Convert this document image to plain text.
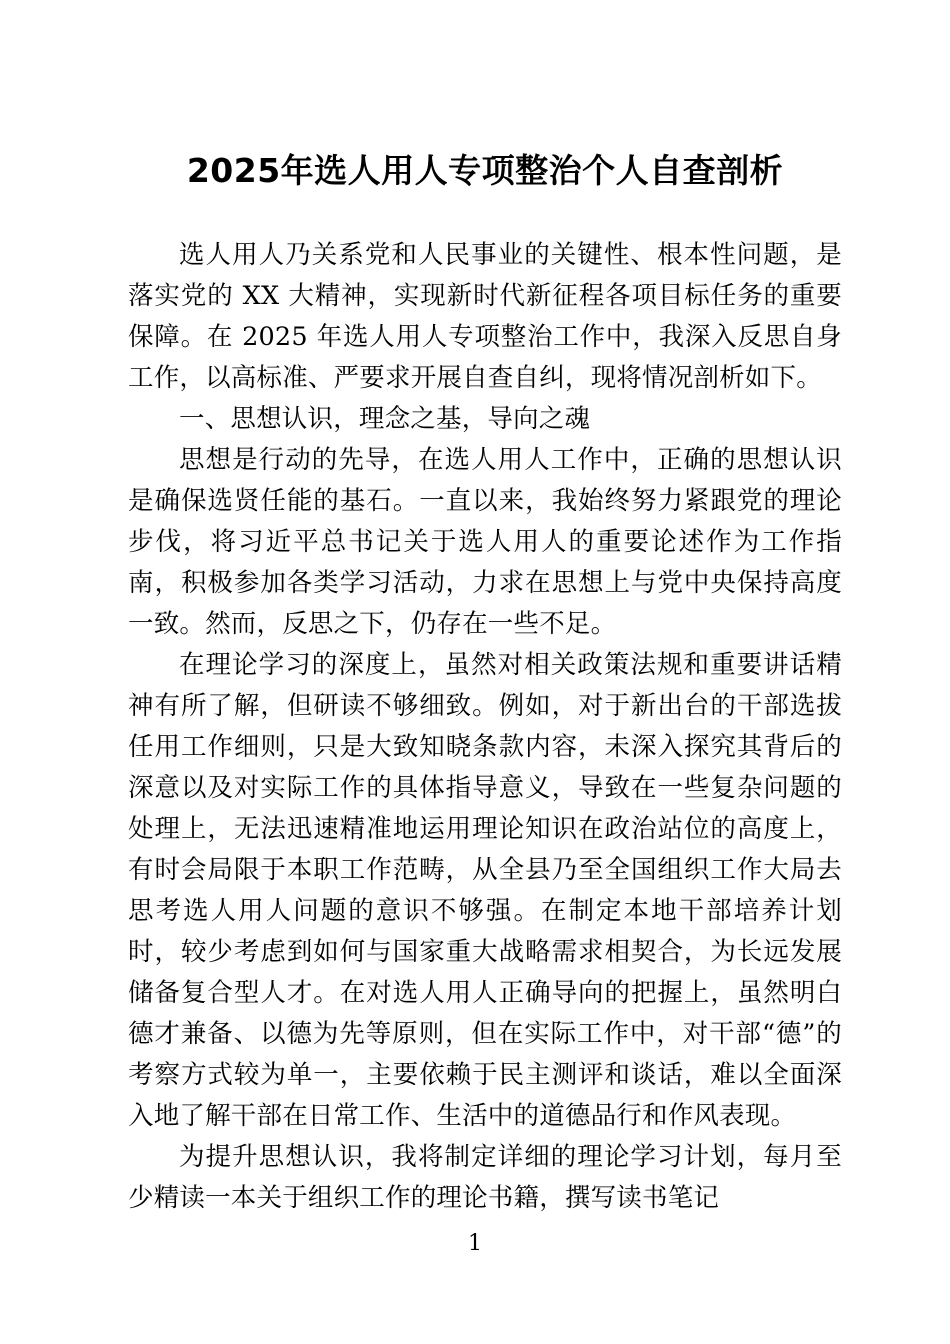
2025年选人用人专项整治个人自查剖析

选人用人乃关系党和人民事业的关键性、根本性问题，是落实党的 XX 大精神，实现新时代新征程各项目标任务的重要保障。在 2025 年选人用人专项整治工作中，我深入反思自身工作，以高标准、严要求开展自查自纠，现将情况剖析如下。

一、思想认识，理念之基，导向之魂

思想是行动的先导，在选人用人工作中，正确的思想认识是确保选贤任能的基石。一直以来，我始终努力紧跟党的理论步伐，将习近平总书记关于选人用人的重要论述作为工作指南，积极参加各类学习活动，力求在思想上与党中央保持高度一致。然而，反思之下，仍存在一些不足。

在理论学习的深度上，虽然对相关政策法规和重要讲话精神有所了解，但研读不够细致。例如，对于新出台的干部选拔任用工作细则，只是大致知晓条款内容，未深入探究其背后的深意以及对实际工作的具体指导意义，导致在一些复杂问题的处理上，无法迅速精准地运用理论知识在政治站位的高度上，有时会局限于本职工作范畴，从全县乃至全国组织工作大局去思考选人用人问题的意识不够强。在制定本地干部培养计划时，较少考虑到如何与国家重大战略需求相契合，为长远发展储备复合型人才。在对选人用人正确导向的把握上，虽然明白德才兼备、以德为先等原则，但在实际工作中，对干部“德”的考察方式较为单一，主要依赖于民主测评和谈话，难以全面深入地了解干部在日常工作、生活中的道德品行和作风表现。

为提升思想认识，我将制定详细的理论学习计划，每月至少精读一本关于组织工作的理论书籍，撰写读书笔记

1
